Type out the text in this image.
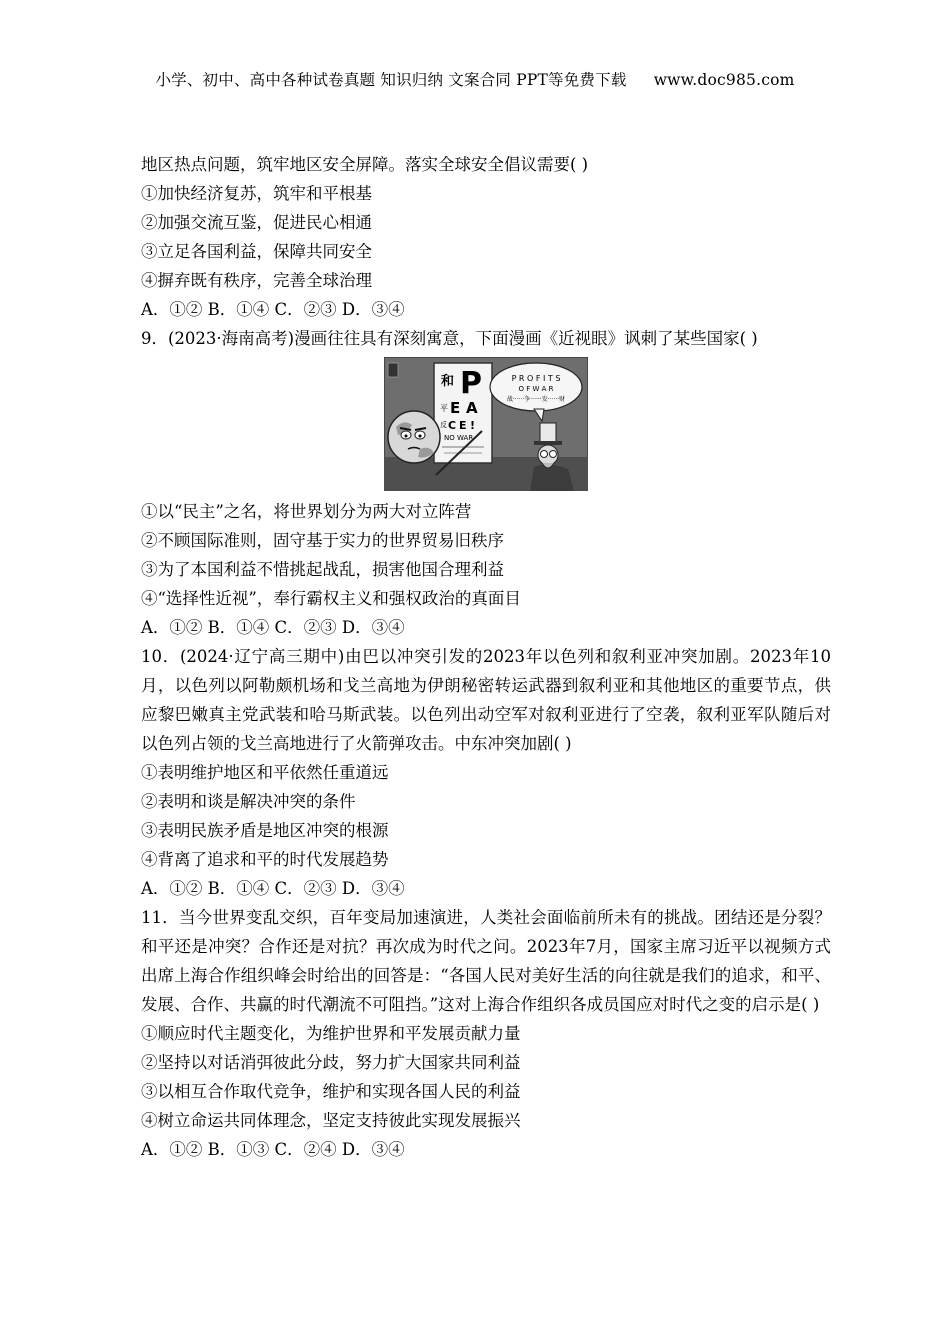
小学、初中、高中各种试卷真题 知识归纳 文案合同 PPT等免费下载 www.doc985.com
地区热点问题，筑牢地区安全屏障。落实全球安全倡议需要( )
①加快经济复苏，筑牢和平根基
②加强交流互鉴，促进民心相通
③立足各国利益，保障共同安全
④摒弃既有秩序，完善全球治理
A．①② B．①④ C．②③ D．③④
9．(2023·海南高考)漫画往往具有深刻寓意，下面漫画《近视眼》讽刺了某些国家( )
和 P
平 E A
反 C E !
NO WAR
P R O F I T S
O F W A R
战······争······发······财
①以“民主”之名，将世界划分为两大对立阵营
②不顾国际准则，固守基于实力的世界贸易旧秩序
③为了本国利益不惜挑起战乱，损害他国合理利益
④“选择性近视”，奉行霸权主义和强权政治的真面目
A．①② B．①④ C．②③ D．③④
10．(2024·辽宁高三期中)由巴以冲突引发的2023年以色列和叙利亚冲突加剧。2023年10月，以色列以阿勒颇机场和戈兰高地为伊朗秘密转运武器到叙利亚和其他地区的重要节点，供应黎巴嫩真主党武装和哈马斯武装。以色列出动空军对叙利亚进行了空袭，叙利亚军队随后对以色列占领的戈兰高地进行了火箭弹攻击。中东冲突加剧( )
①表明维护地区和平依然任重道远
②表明和谈是解决冲突的条件
③表明民族矛盾是地区冲突的根源
④背离了追求和平的时代发展趋势
A．①② B．①④ C．②③ D．③④
11．当今世界变乱交织，百年变局加速演进，人类社会面临前所未有的挑战。团结还是分裂？和平还是冲突？合作还是对抗？再次成为时代之问。2023年7月，国家主席习近平以视频方式出席上海合作组织峰会时给出的回答是：“各国人民对美好生活的向往就是我们的追求，和平、发展、合作、共赢的时代潮流不可阻挡。”这对上海合作组织各成员国应对时代之变的启示是( )
①顺应时代主题变化，为维护世界和平发展贡献力量
②坚持以对话消弭彼此分歧，努力扩大国家共同利益
③以相互合作取代竞争，维护和实现各国人民的利益
④树立命运共同体理念，坚定支持彼此实现发展振兴
A．①② B．①③ C．②④ D．③④
